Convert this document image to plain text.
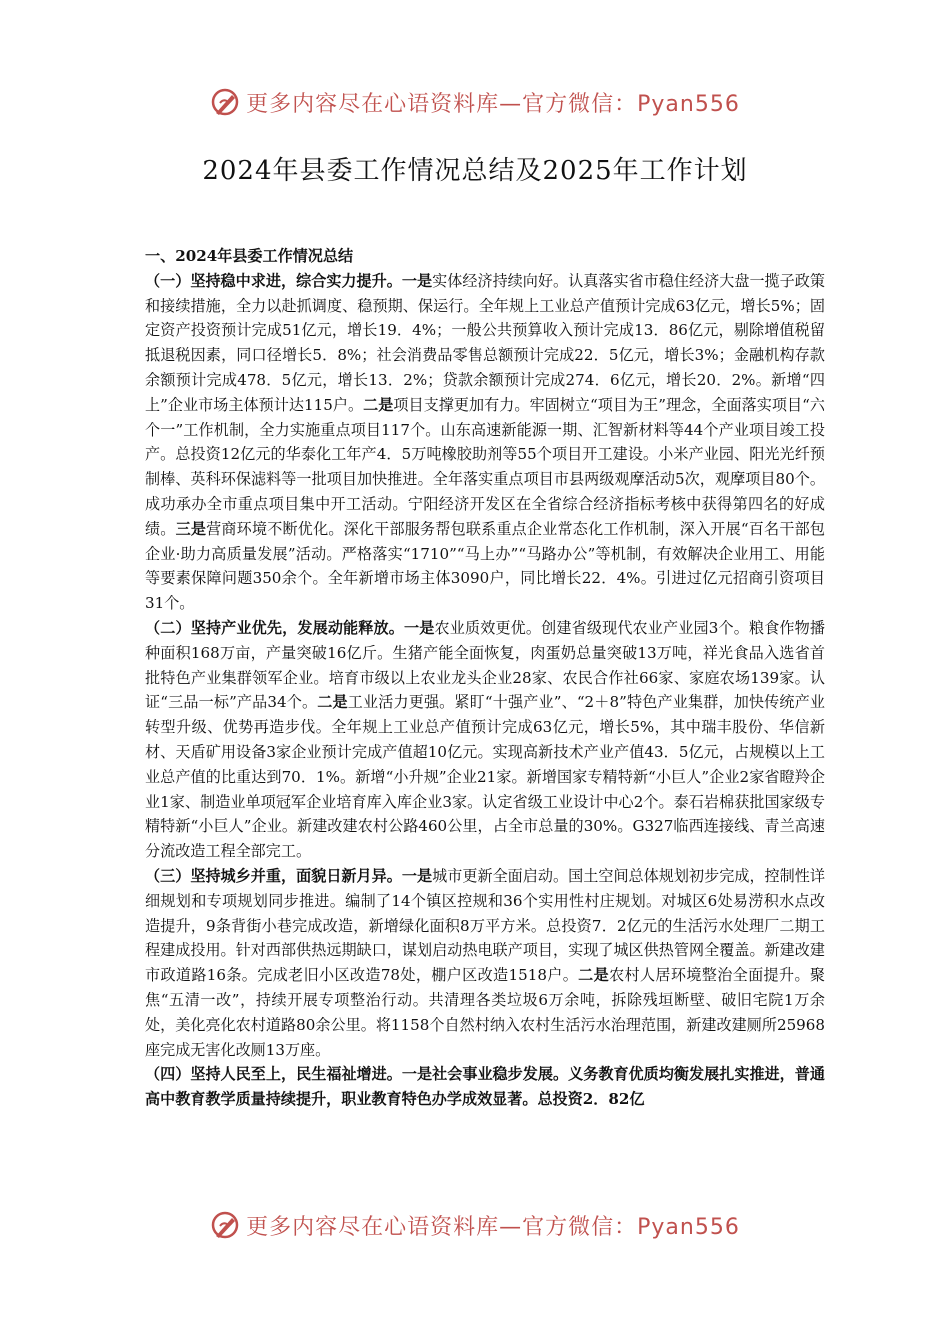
更多内容尽在心语资料库—官方微信：Pyan556
2024年县委工作情况总结及2025年工作计划

一、2024年县委工作情况总结

（一）坚持稳中求进，综合实力提升。一是实体经济持续向好。认真落实省市稳住经济大盘一揽子政策和接续措施，全力以赴抓调度、稳预期、保运行。全年规上工业总产值预计完成63亿元，增长5%；固定资产投资预计完成51亿元，增长19．4%；一般公共预算收入预计完成13．86亿元，剔除增值税留抵退税因素，同口径增长5．8%；社会消费品零售总额预计完成22．5亿元，增长3%；金融机构存款余额预计完成478．5亿元，增长13．2%；贷款余额预计完成274．6亿元，增长20．2%。新增“四上”企业市场主体预计达115户。二是项目支撑更加有力。牢固树立“项目为王”理念，全面落实项目“六个一”工作机制，全力实施重点项目117个。山东高速新能源一期、汇智新材料等44个产业项目竣工投产。总投资12亿元的华泰化工年产4．5万吨橡胶助剂等55个项目开工建设。小米产业园、阳光光纤预制棒、英科环保滤料等一批项目加快推进。全年落实重点项目市县两级观摩活动5次，观摩项目80个。成功承办全市重点项目集中开工活动。宁阳经济开发区在全省综合经济指标考核中获得第四名的好成绩。三是营商环境不断优化。深化干部服务帮包联系重点企业常态化工作机制，深入开展“百名干部包企业·助力高质量发展”活动。严格落实“1710”“马上办”“马路办公”等机制，有效解决企业用工、用能等要素保障问题350余个。全年新增市场主体3090户，同比增长22．4%。引进过亿元招商引资项目31个。

（二）坚持产业优先，发展动能释放。一是农业质效更优。创建省级现代农业产业园3个。粮食作物播种面积168万亩，产量突破16亿斤。生猪产能全面恢复，肉蛋奶总量突破13万吨，祥光食品入选省首批特色产业集群领军企业。培育市级以上农业龙头企业28家、农民合作社66家、家庭农场139家。认证“三品一标”产品34个。二是工业活力更强。紧盯“十强产业”、“2＋8”特色产业集群，加快传统产业转型升级、优势再造步伐。全年规上工业总产值预计完成63亿元，增长5%，其中瑞丰股份、华信新材、天盾矿用设备3家企业预计完成产值超10亿元。实现高新技术产业产值43．5亿元，占规模以上工业总产值的比重达到70．1%。新增“小升规”企业21家。新增国家专精特新“小巨人”企业2家省瞪羚企业1家、制造业单项冠军企业培育库入库企业3家。认定省级工业设计中心2个。泰石岩棉获批国家级专精特新“小巨人”企业。新建改建农村公路460公里，占全市总量的30%。G327临西连接线、青兰高速分流改造工程全部完工。

（三）坚持城乡并重，面貌日新月异。一是城市更新全面启动。国土空间总体规划初步完成，控制性详细规划和专项规划同步推进。编制了14个镇区控规和36个实用性村庄规划。对城区6处易涝积水点改造提升，9条背街小巷完成改造，新增绿化面积8万平方米。总投资7．2亿元的生活污水处理厂二期工程建成投用。针对西部供热远期缺口，谋划启动热电联产项目，实现了城区供热管网全覆盖。新建改建市政道路16条。完成老旧小区改造78处，棚户区改造1518户。二是农村人居环境整治全面提升。聚焦“五清一改”，持续开展专项整治行动。共清理各类垃圾6万余吨，拆除残垣断壁、破旧宅院1万余处，美化亮化农村道路80余公里。将1158个自然村纳入农村生活污水治理范围，新建改建厕所25968座完成无害化改厕13万座。

（四）坚持人民至上，民生福祉增进。一是社会事业稳步发展。义务教育优质均衡发展扎实推进，普通高中教育教学质量持续提升，职业教育特色办学成效显著。总投资2．82亿

更多内容尽在心语资料库—官方微信：Pyan556
